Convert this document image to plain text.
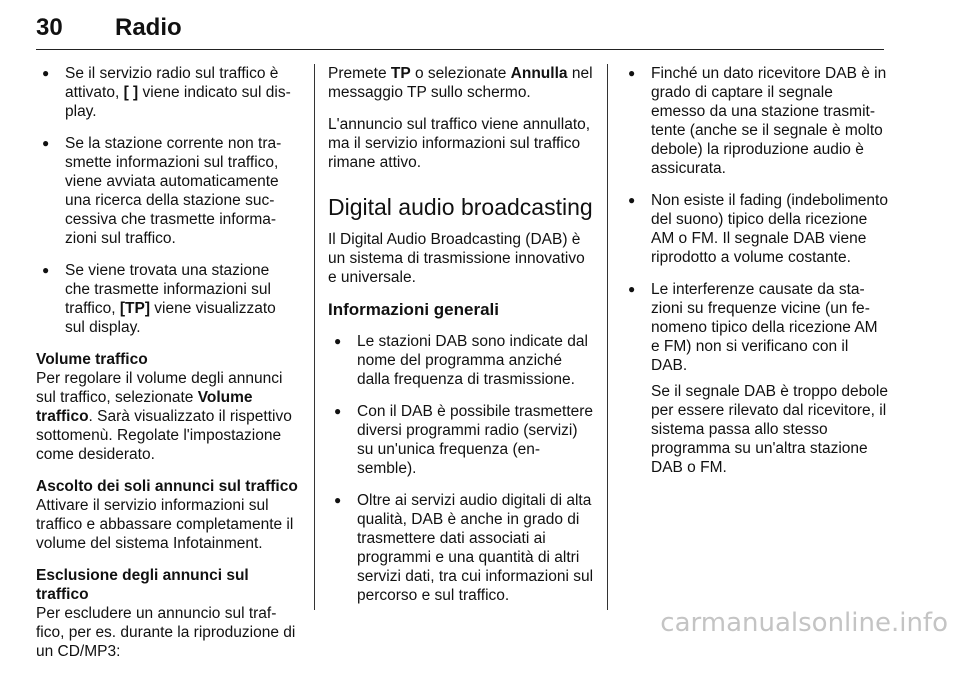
30 Radio
● Se il servizio radio sul traffico è attivato, [ ] viene indicato sul display.
● Se la stazione corrente non trasmette informazioni sul traffico, viene avviata automaticamente una ricerca della stazione successiva che trasmette informazioni sul traffico.
● Se viene trovata una stazione che trasmette informazioni sul traffico, [TP] viene visualizzato sul display.

Volume traffico
Per regolare il volume degli annunci sul traffico, selezionate Volume traffico. Sarà visualizzato il rispettivo sottomenù. Regolate l'impostazione come desiderato.

Ascolto dei soli annunci sul traffico
Attivare il servizio informazioni sul traffico e abbassare completamente il volume del sistema Infotainment.

Esclusione degli annunci sul traffico
Per escludere un annuncio sul traffico, per es. durante la riproduzione di un CD/MP3:

Premete TP o selezionate Annulla nel messaggio TP sullo schermo.

L'annuncio sul traffico viene annullato, ma il servizio informazioni sul traffico rimane attivo.

Digital audio broadcasting

Il Digital Audio Broadcasting (DAB) è un sistema di trasmissione innovativo e universale.

Informazioni generali
● Le stazioni DAB sono indicate dal nome del programma anziché dalla frequenza di trasmissione.
● Con il DAB è possibile trasmettere diversi programmi radio (servizi) su un'unica frequenza (ensemble).
● Oltre ai servizi audio digitali di alta qualità, DAB è anche in grado di trasmettere dati associati ai programmi e una quantità di altri servizi dati, tra cui informazioni sul percorso e sul traffico.
● Finché un dato ricevitore DAB è in grado di captare il segnale emesso da una stazione trasmittente (anche se il segnale è molto debole) la riproduzione audio è assicurata.
● Non esiste il fading (indebolimento del suono) tipico della ricezione AM o FM. Il segnale DAB viene riprodotto a volume costante.
● Le interferenze causate da stazioni su frequenze vicine (un fenomeno tipico della ricezione AM e FM) non si verificano con il DAB.

Se il segnale DAB è troppo debole per essere rilevato dal ricevitore, il sistema passa allo stesso programma su un'altra stazione DAB o FM.

carmanualsonline.info
